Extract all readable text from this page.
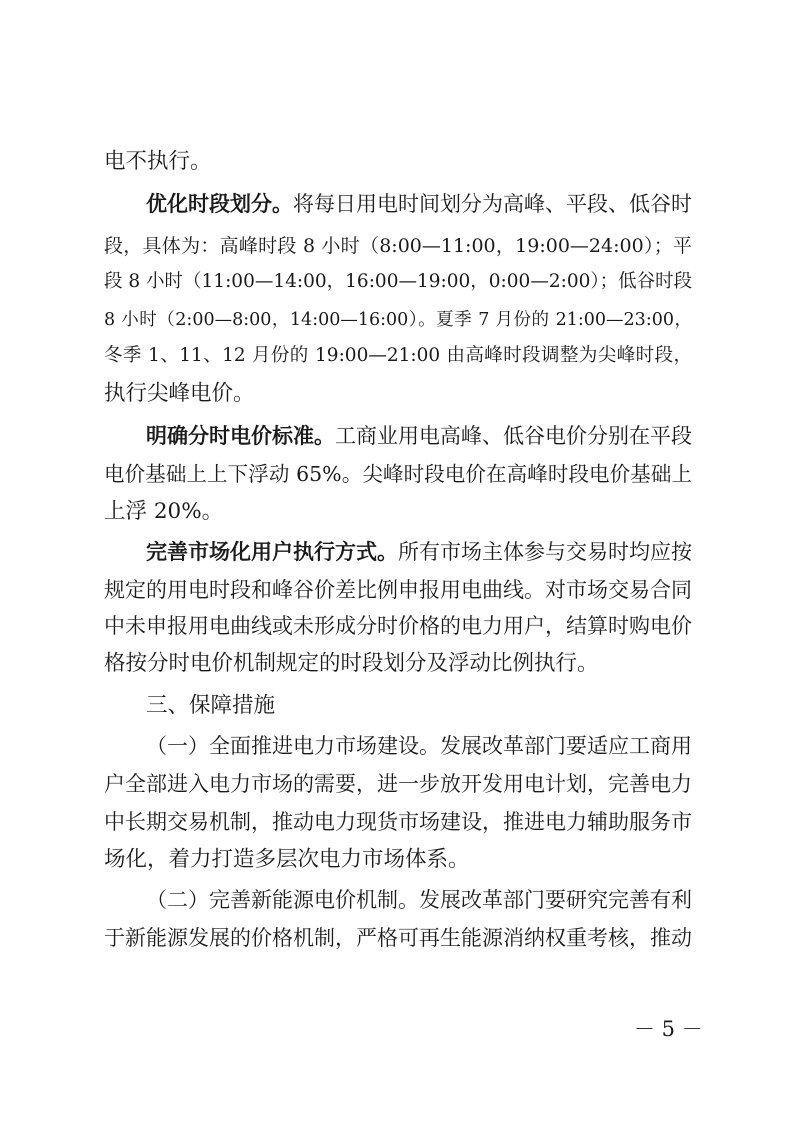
电不执行。
优化时段划分。将每日用电时间划分为高峰、平段、低谷时
段，具体为：高峰时段 8 小时（8:00—11:00，19:00—24:00）；平
段 8 小时（11:00—14:00，16:00—19:00，0:00—2:00）；低谷时段
8 小时（2:00—8:00，14:00—16:00）。夏季 7 月份的 21:00—23:00，
冬季 1、11、12 月份的 19:00—21:00 由高峰时段调整为尖峰时段，
执行尖峰电价。
明确分时电价标准。工商业用电高峰、低谷电价分别在平段
电价基础上上下浮动 65%。尖峰时段电价在高峰时段电价基础上
上浮 20%。
完善市场化用户执行方式。所有市场主体参与交易时均应按
规定的用电时段和峰谷价差比例申报用电曲线。对市场交易合同
中未申报用电曲线或未形成分时价格的电力用户，结算时购电价
格按分时电价机制规定的时段划分及浮动比例执行。
三、保障措施
（一）全面推进电力市场建设。发展改革部门要适应工商用
户全部进入电力市场的需要，进一步放开发用电计划，完善电力
中长期交易机制，推动电力现货市场建设，推进电力辅助服务市
场化，着力打造多层次电力市场体系。
（二）完善新能源电价机制。发展改革部门要研究完善有利
于新能源发展的价格机制，严格可再生能源消纳权重考核，推动
－ 5 －
